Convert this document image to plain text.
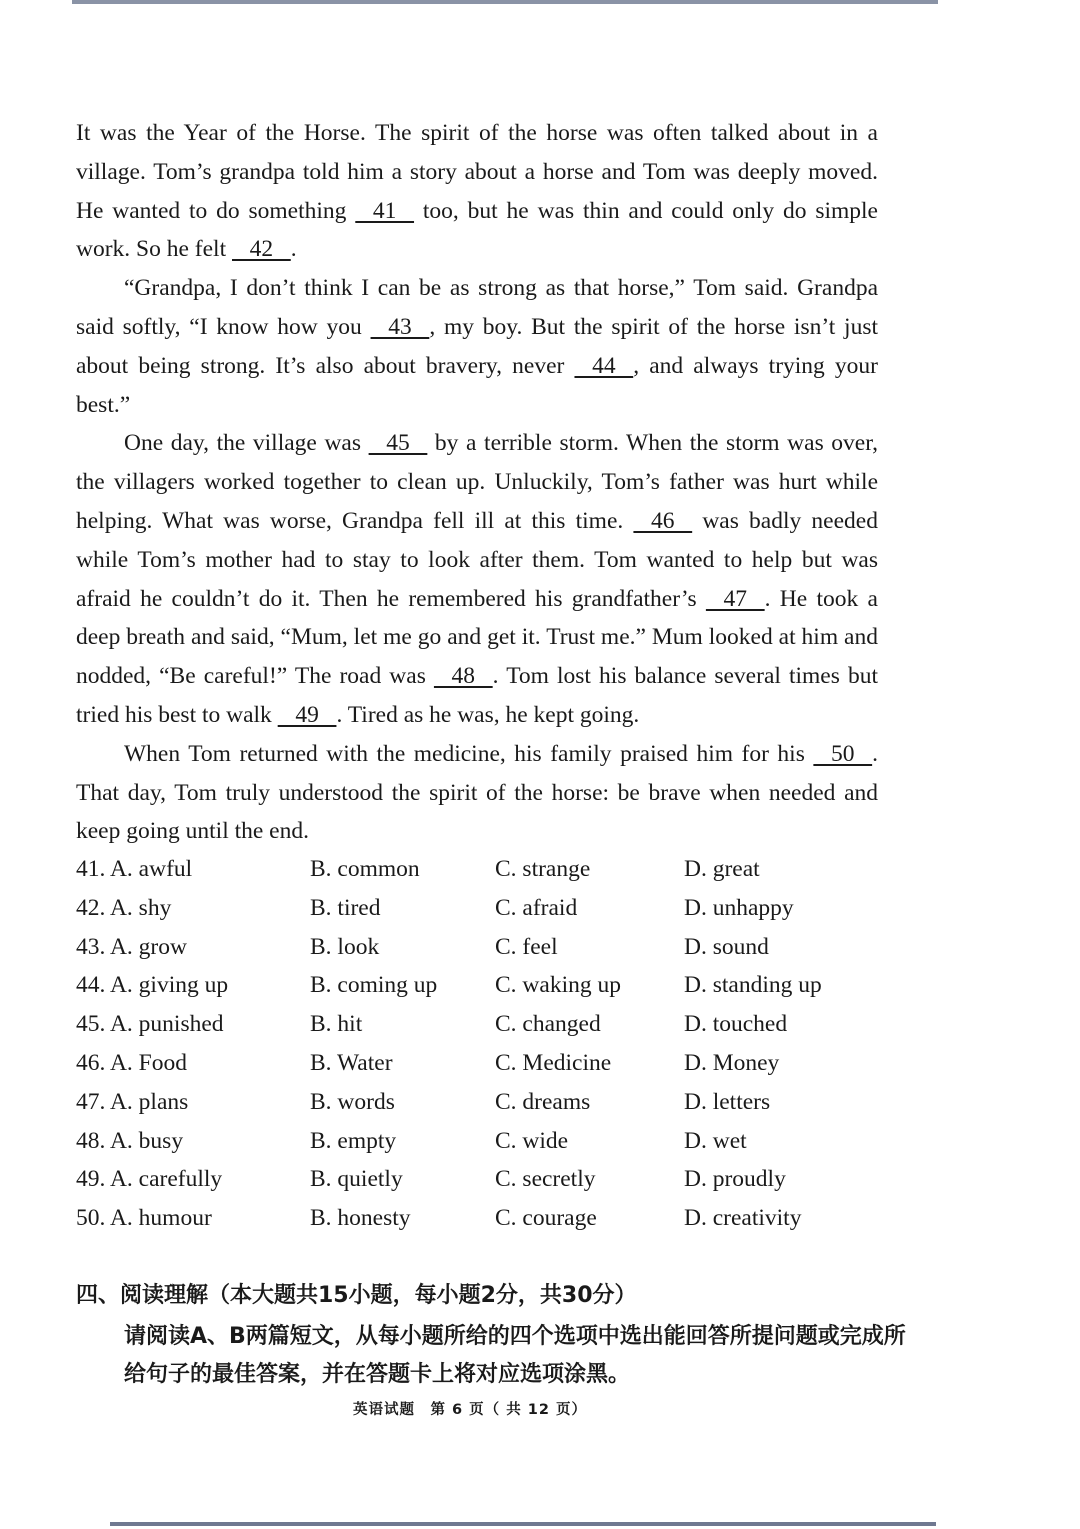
It was the Year of the Horse. The spirit of the horse was often talked about in a village. Tom’s grandpa told him a story about a horse and Tom was deeply moved. He wanted to do something    41    too, but he was thin and could only do simple work. So he felt    42   .

“Grandpa, I don’t think I can be as strong as that horse,” Tom said. Grandpa said softly, “I know how you    43   , my boy. But the spirit of the horse isn’t just about being strong. It’s also about bravery, never    44   , and always trying your best.”

One day, the village was    45    by a terrible storm. When the storm was over, the villagers worked together to clean up. Unluckily, Tom’s father was hurt while helping. What was worse, Grandpa fell ill at this time.    46    was badly needed while Tom’s mother had to stay to look after them. Tom wanted to help but was afraid he couldn’t do it. Then he remembered his grandfather’s    47   . He took a deep breath and said, “Mum, let me go and get it. Trust me.” Mum looked at him and nodded, “Be careful!” The road was    48   . Tom lost his balance several times but tried his best to walk    49   . Tired as he was, he kept going.

When Tom returned with the medicine, his family praised him for his    50   . That day, Tom truly understood the spirit of the horse: be brave when needed and keep going until the end.

41. A. awful	B. common	C. strange	D. great
42. A. shy	B. tired	C. afraid	D. unhappy
43. A. grow	B. look	C. feel	D. sound
44. A. giving up	B. coming up C. waking up	D. standing up
45. A. punished	B. hit	C. changed	D. touched
46. A. Food	B. Water	C. Medicine	D. Money
47. A. plans	B. words	C. dreams	D. letters
48. A. busy	B. empty	C. wide	D. wet
49. A. carefully	B. quietly	C. secretly	D. proudly
50. A. humour	B. honesty	C. courage	D. creativity

四、阅读理解（本大题共15小题，每小题2分，共30分）

请阅读A、B两篇短文，从每小题所给的四个选项中选出能回答所提问题或完成所给句子的最佳答案，并在答题卡上将对应选项涂黑。

英语试题　第 6 页（ 共 12 页）
